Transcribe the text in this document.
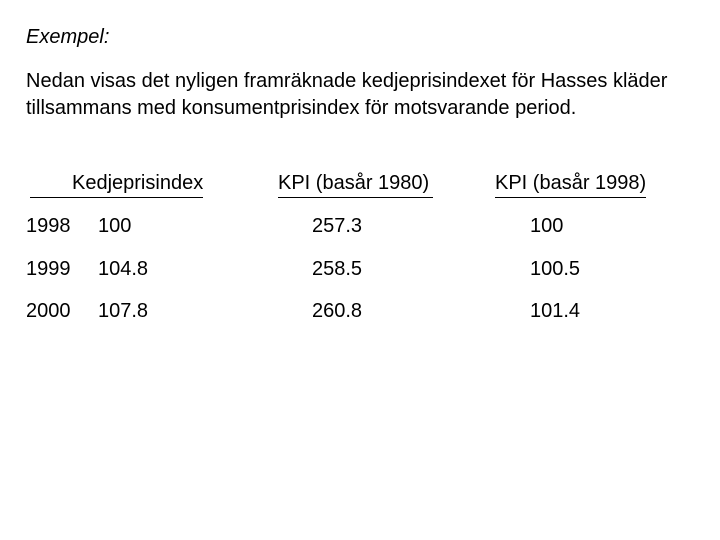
Exempel:
Nedan visas det nyligen framräknade kedjeprisindexet för Hasses kläder tillsammans med konsumentprisindex för motsvarande period.
Kedjeprisindex	KPI (basår 1980)	KPI (basår 1998)
1998 100	257.3	100
1999 104.8	258.5	100.5
2000 107.8	260.8	101.4
